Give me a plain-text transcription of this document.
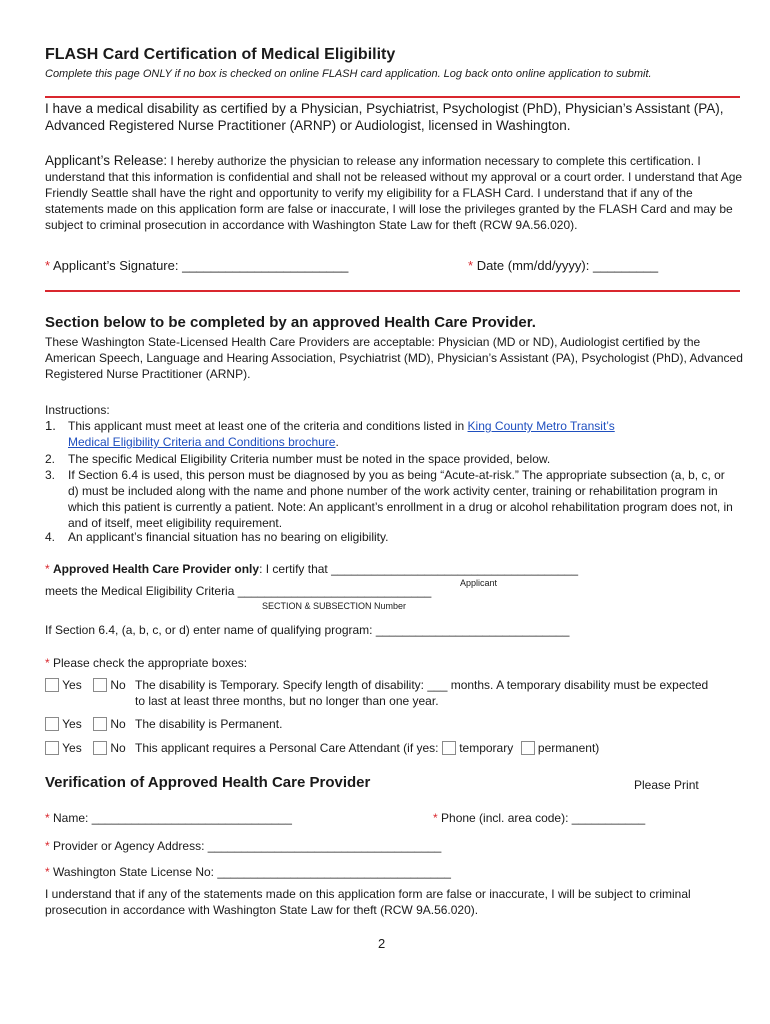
FLASH Card Certification of Medical Eligibility
Complete this page ONLY if no box is checked on online FLASH card application. Log back onto online application to submit.
I have a medical disability as certified by a Physician, Psychiatrist, Psychologist (PhD), Physician’s Assistant (PA), Advanced Registered Nurse Practitioner (ARNP) or Audiologist, licensed in Washington.
Applicant’s Release: I hereby authorize the physician to release any information necessary to complete this certification. I understand that this information is confidential and shall not be released without my approval or a court order. I understand that Age Friendly Seattle shall have the right and opportunity to verify my eligibility for a FLASH Card. I understand that if any of the statements made on this application form are false or inaccurate, I will lose the privileges granted by the FLASH Card and may be subject to criminal prosecution in accordance with Washington State Law for theft (RCW 9A.56.020).
* Applicant’s Signature: _______________________	* Date (mm/dd/yyyy): _________
Section below to be completed by an approved Health Care Provider.
These Washington State-Licensed Health Care Providers are acceptable: Physician (MD or ND), Audiologist certified by the American Speech, Language and Hearing Association, Psychiatrist (MD), Physician’s Assistant (PA), Psychologist (PhD), Advanced Registered Nurse Practitioner (ARNP).
Instructions:
1. This applicant must meet at least one of the criteria and conditions listed in King County Metro Transit’s
Medical Eligibility Criteria and Conditions brochure.
2. The specific Medical Eligibility Criteria number must be noted in the space provided, below.
3. If Section 6.4 is used, this person must be diagnosed by you as being “Acute-at-risk.” The appropriate subsection (a, b, c, or d) must be included along with the name and phone number of the work activity center, training or rehabilitation program in which this patient is currently a patient. Note: An applicant’s enrollment in a drug or alcohol rehabilitation program does not, in and of itself, meet eligibility requirement.
4. An applicant’s financial situation has no bearing on eligibility.
* Approved Health Care Provider only: I certify that _____________________________________
Applicant
meets the Medical Eligibility Criteria _____________________________
SECTION & SUBSECTION Number
If Section 6.4, (a, b, c, or d) enter name of qualifying program: _____________________________
* Please check the appropriate boxes:
Yes	No The disability is Temporary. Specify length of disability: ___ months. A temporary disability must be expected
to last at least three months, but no longer than one year.
Yes	No The disability is Permanent.
Yes	No This applicant requires a Personal Care Attendant (if yes: temporary permanent)
Verification of Approved Health Care Provider	Please Print
* Name: ______________________________	* Phone (incl. area code): ___________
* Provider or Agency Address: ___________________________________
* Washington State License No: ___________________________________
I understand that if any of the statements made on this application form are false or inaccurate, I will be subject to criminal prosecution in accordance with Washington State Law for theft (RCW 9A.56.020).
2
